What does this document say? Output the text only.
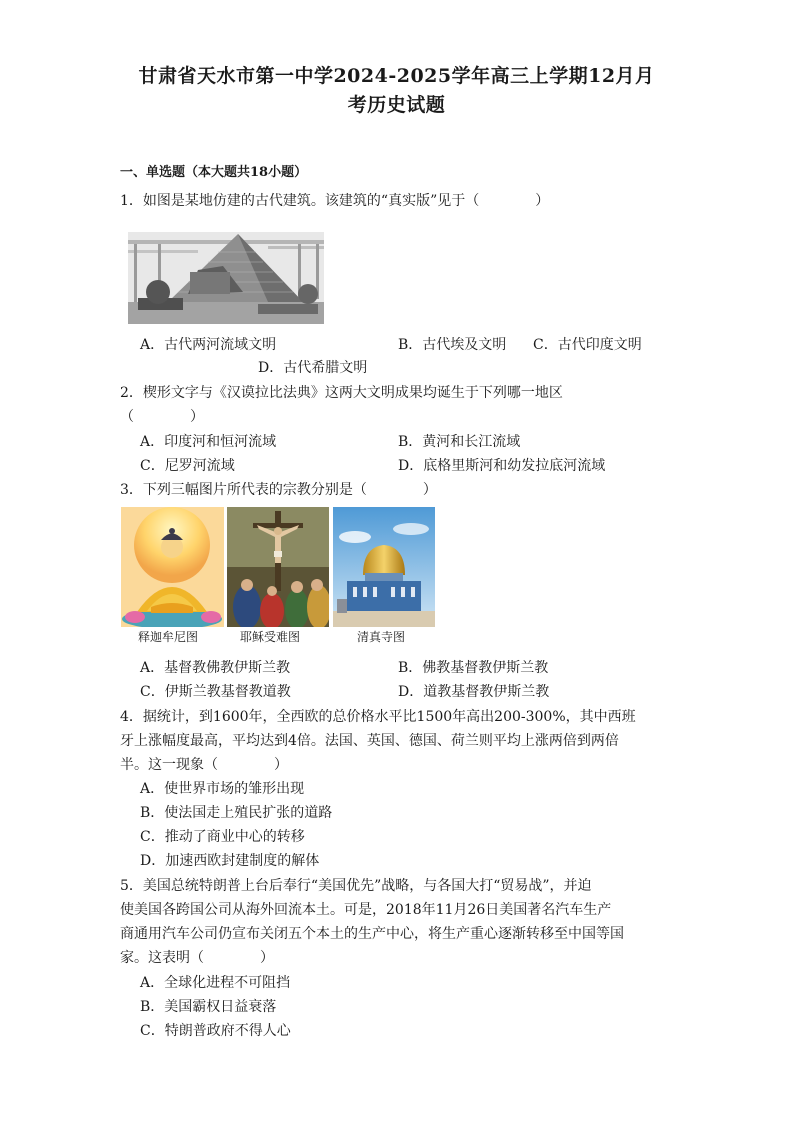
甘肃省天水市第一中学2024-2025学年高三上学期12月月
考历史试题
一、单选题（本大题共18小题）
1．如图是某地仿建的古代建筑。该建筑的“真实版”见于（　　　　）
A．古代两河流域文明	B．古代埃及文明 C．古代印度文明
D．古代希腊文明
2．楔形文字与《汉谟拉比法典》这两大文明成果均诞生于下列哪一地区
（　　　　）
A．印度河和恒河流域	B．黄河和长江流域
C．尼罗河流域	D．底格里斯河和幼发拉底河流域
3．下列三幅图片所代表的宗教分别是（　　　　）
释迦牟尼图	耶稣受难图	清真寺图
A．基督教佛教伊斯兰教	B．佛教基督教伊斯兰教
C．伊斯兰教基督教道教	D．道教基督教伊斯兰教
4．据统计，到1600年，全西欧的总价格水平比1500年高出200-300%，其中西班
牙上涨幅度最高，平均达到4倍。法国、英国、德国、荷兰则平均上涨两倍到两倍
半。这一现象（　　　　）
A．使世界市场的雏形出现
B．使法国走上殖民扩张的道路
C．推动了商业中心的转移
D．加速西欧封建制度的解体
5．美国总统特朗普上台后奉行“美国优先”战略，与各国大打“贸易战”，并迫
使美国各跨国公司从海外回流本土。可是，2018年11月26日美国著名汽车生产
商通用汽车公司仍宣布关闭五个本土的生产中心，将生产重心逐渐转移至中国等国
家。这表明（　　　　）
A．全球化进程不可阻挡
B．美国霸权日益衰落
C．特朗普政府不得人心
